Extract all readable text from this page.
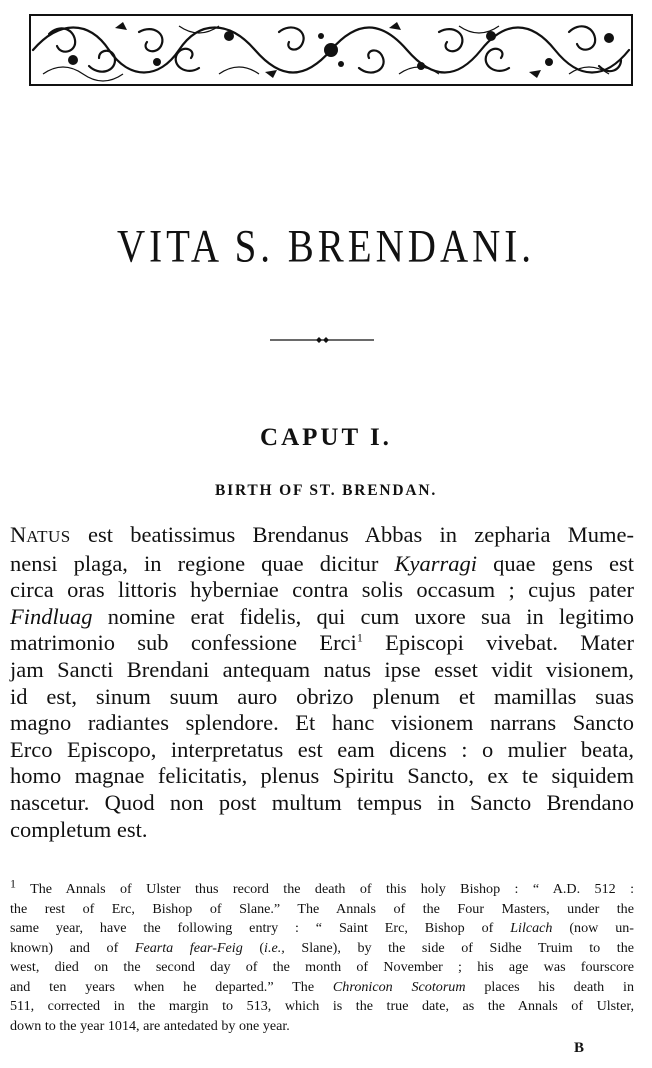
VITA S. BRENDANI.
CAPUT I.
BIRTH OF ST. BRENDAN.

NATUS est beatissimus Brendanus Abbas in zepharia Mume-
nensi plaga, in regione quae dicitur Kyarragi quae gens est
circa oras littoris hyberniae contra solis occasum ; cujus pater
Findluag nomine erat fidelis, qui cum uxore sua in legitimo
matrimonio sub confessione Erci$^1$ Episcopi vivebat. Mater
jam Sancti Brendani antequam natus ipse esset vidit visionem,
id est, sinum suum auro obrizo plenum et mamillas suas
magno radiantes splendore. Et hanc visionem narrans Sancto
Erco Episcopo, interpretatus est eam dicens : o mulier beata,
homo magnae felicitatis, plenus Spiritu Sancto, ex te siquidem
nascetur. Quod non post multum tempus in Sancto Brendano
completum est.

$^1$ The Annals of Ulster thus record the death of this holy Bishop : “ A.D. 512 :
the rest of Erc, Bishop of Slane.” The Annals of the Four Masters, under the
same year, have the following entry : “ Saint Erc, Bishop of Lilcach (now un-
known) and of Fearta fear-Feig (i.e., Slane), by the side of Sidhe Truim to the
west, died on the second day of the month of November ; his age was fourscore
and ten years when he departed.” The Chronicon Scotorum places his death in
511, corrected in the margin to 513, which is the true date, as the Annals of Ulster,
down to the year 1014, are antedated by one year.

B
